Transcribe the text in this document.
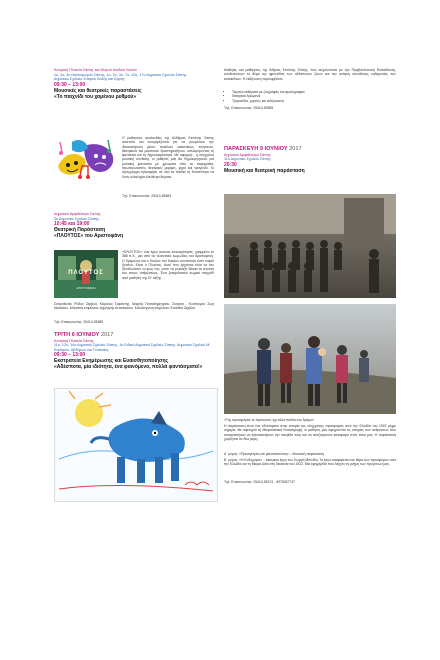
Κεντρική Πλατεία Σάπης και Θερινό παιδικό Λυκείο
1ο, 2ο, 3ο Νηπιαγωγείο Σάπης, 1ο, 2ο, 3ο, 7ο, 12ο, 17ο Δημοτικό Σχολείο Σάπης
Δημοτικό Σχολείο Σιταρού Καλής και Ερμής
09:30 – 13:00
Μουσικές και θεατρικές παραστάσεις
«Το παιχνίδι του χαμένου ρυθμού»
Ο μαθητικός ακολουθίες της Α/Αθμιας Εκπ/σης Σάπης ανιστούν και συνεργάζονται για να γνωρίσουν την ιδεοκατόρυση μέσω ποικίλων εικαστικών, κινητικών, θεατρικών και μουσικών δραστηριοτήτων, καλλιεργώντας τη φαντασία και τη δημιουργικότητα. Με αφορμή... η σύγχρονη μουσική σύνθεση, οι μαθητές μας θα δημιουργήσουν μια μουσική φαντασία με χρώματα από τα παραμύθια, πρωταγωνιστές, θεατρικές μορφές, χορό και τραγούδι. Το πρόγραμμα προσφέρει σε όλα τα παιδιά τη δυνατότητα να δουν ολόκληρα ελεύθερα θέματα.
Τηλ. Επικοινωνίας: 25410-55383
Δημοτικό Αμφιθέατρο Σάπης
3ο Δημοτικό Σχολείο Σάπης
10:45 και 19:00
Θεατρική Παράσταση
«ΠΛΟΥΤΟΣ» του Αριστοφάνη
ΠΛΟΥΤΟΣ
ΑΡΙΣΤΟΦΑΝΗ
«ΠΛΟΥΤΟΣ»: ένα έργο αιώνιας επικαιρότητας, γραμμένο το 388 π.Χ., μία από τις τελευταίες κωμωδίες του Αριστοφάνη. Ο Χρεμύλος και ο δούλος του Καρίων συναντούν έναν τυφλό ζητιάνο. Είναι ο Πλούτος. Αυτό που έρχονται είναι να του ξαναδώσουν το φως του, ώστε να μοιράζει δίκαια τα πλούτη του στους ανθρώπους. Ένα ξεκαρδιστικό κωμικό παιχνίδι από μαθητές της Στ' τάξης.
Σκηνοθεσία: Ρόδος Ζερβού, Κάρολος Σαράντης, Νεφέλη Παπαδημητρίου. Σκηνικά - Κοστούμια: Ζωή Νικολάου. Μουσική επιμέλεια: Δημήτρης Αναστασίου. Καλλιτεχνική επιμέλεια: Ευανθία Ζερβού.
Τηλ. Επικοινωνίας: 25410-55385
ΤΡΙΤΗ 6 ΙΟΥΝΙΟΥ 2017
Κεντρική Πλατεία Σάπης
11ο, 12ο, 14ο Δημοτικό Σχολείο Σάπης, 1ο Ειδικό Δημοτικό Σχολείο Σάπης, Δημοτικό Σχολείο Μ. Ευμάρου, Αβδήρων και Γενισαίας
09:30 – 13:00
Εκστρατεία Ενημέρωσης και Ευαισθητοποίησης
«Αδέσποτα, μία ιδιότητα, ένα φαινόμενο, πολλά φαντάσματα!»
Μαθητές και μαθήτριες της Α/θμιας Εκπ/σης Σάπης, που ασχολούνται με την Περιβαλλοντική Εκπαίδευση, αναδεικνύουν το θέμα της φροντίδας των αδέσποτων ζώων και την ανάγκη υπεύθυνης κηδεμονίας των κατοικίδιων. Η εκδήλωση περιλαμβάνει:
• Ταμπλό εκθέματα με ζωγραφιές και φωτογραφίες
• Θεατρικά δρώμενα
• Τραγούδια, χορούς και εκδηλώσεις
Τηλ. Επικοινωνίας: 25410-55385
ΠΑΡΑΣΚΕΥΗ 9 ΙΟΥΝΙΟΥ 2017
Δημοτικό Αμφιθέατρο Σάπης
11ο Δημοτικό Σχολείο Σάπης
20:30
Μουσική και θεατρική παράσταση
«Της προσφυγιάς το πρόσωπο: όχι άλλα παιδιά στο δρόμο»
Η παράσταση είναι ένα οδοιπορικό στην ιστορία της σύγχρονης προσφυγιάς από την Ελλάδα του 1922 μέχρι σήμερα. Με αφετηρία τη Μικρασιατική Καταστροφή, οι μαθητές μας αφηγούνται τις ιστορίες των ανθρώπων που αναγκάστηκαν να εγκαταλείψουν την πατρίδα τους και να αναζητήσουν καταφύγιο στον τόπο μας. Η παράσταση χωρίζεται σε δύο μέρη.
Α΄ μέρος: «Προσφυγιάς και μετανάστευση» – Μουσική παράσταση
Β΄ μέρος: «Η Ενδοχώρα» – θεατρικό έργο του Γιωργή Μπιλίδη. Το έργο αναφέρεται στο θέμα των προσφύγων από την Ελλάδα και τη Μικρά Ασία στη δεκαετία του 1922. Μια εφημερίδα που δείχνει τη μνήμη των προγόνων μας.
Τηλ. Επικοινωνίας: 25410-55374 - 6975067747
